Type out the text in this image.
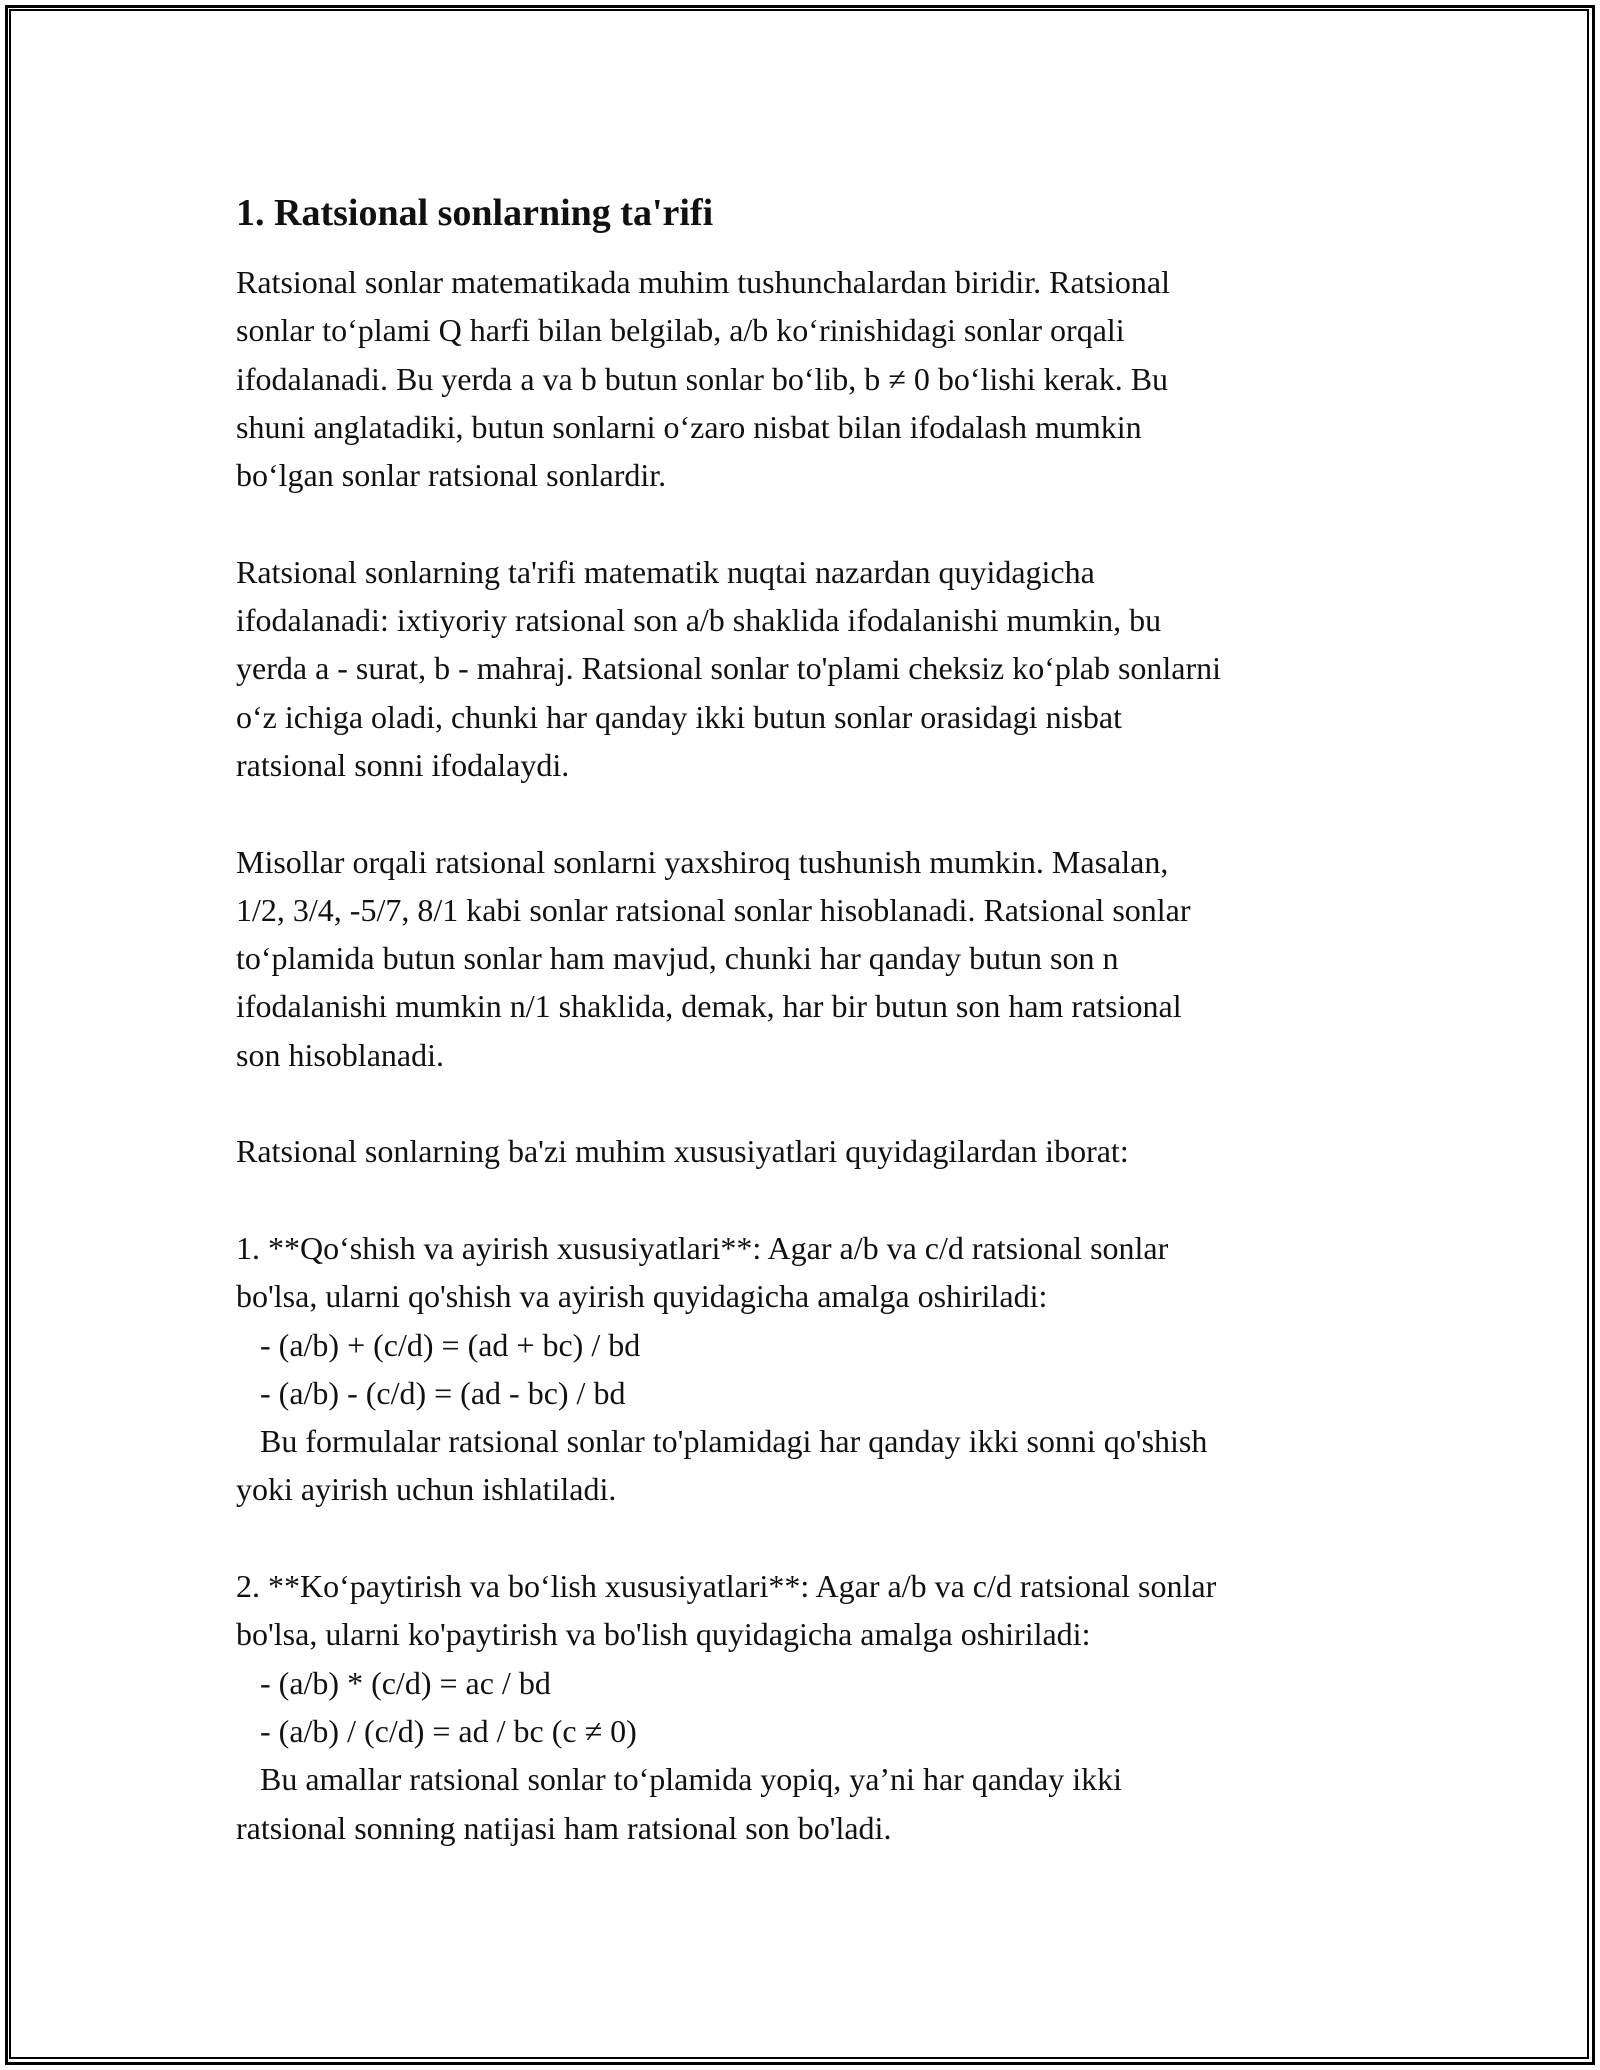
1. Ratsional sonlarning ta'rifi
Ratsional sonlar matematikada muhim tushunchalardan biridir. Ratsional
sonlar to‘plami Q harfi bilan belgilab, a/b ko‘rinishidagi sonlar orqali
ifodalanadi. Bu yerda a va b butun sonlar bo‘lib, b ≠ 0 bo‘lishi kerak. Bu
shuni anglatadiki, butun sonlarni o‘zaro nisbat bilan ifodalash mumkin
bo‘lgan sonlar ratsional sonlardir.
Ratsional sonlarning ta'rifi matematik nuqtai nazardan quyidagicha
ifodalanadi: ixtiyoriy ratsional son a/b shaklida ifodalanishi mumkin, bu
yerda a - surat, b - mahraj. Ratsional sonlar to'plami cheksiz ko‘plab sonlarni
o‘z ichiga oladi, chunki har qanday ikki butun sonlar orasidagi nisbat
ratsional sonni ifodalaydi.
Misollar orqali ratsional sonlarni yaxshiroq tushunish mumkin. Masalan,
1/2, 3/4, -5/7, 8/1 kabi sonlar ratsional sonlar hisoblanadi. Ratsional sonlar
to‘plamida butun sonlar ham mavjud, chunki har qanday butun son n
ifodalanishi mumkin n/1 shaklida, demak, har bir butun son ham ratsional
son hisoblanadi.
Ratsional sonlarning ba'zi muhim xususiyatlari quyidagilardan iborat:
1. **Qo‘shish va ayirish xususiyatlari**: Agar a/b va c/d ratsional sonlar
bo'lsa, ularni qo'shish va ayirish quyidagicha amalga oshiriladi:
- (a/b) + (c/d) = (ad + bc) / bd
- (a/b) - (c/d) = (ad - bc) / bd
Bu formulalar ratsional sonlar to'plamidagi har qanday ikki sonni qo'shish
yoki ayirish uchun ishlatiladi.
2. **Ko‘paytirish va bo‘lish xususiyatlari**: Agar a/b va c/d ratsional sonlar
bo'lsa, ularni ko'paytirish va bo'lish quyidagicha amalga oshiriladi:
- (a/b) * (c/d) = ac / bd
- (a/b) / (c/d) = ad / bc (c ≠ 0)
Bu amallar ratsional sonlar to‘plamida yopiq, ya’ni har qanday ikki
ratsional sonning natijasi ham ratsional son bo'ladi.
